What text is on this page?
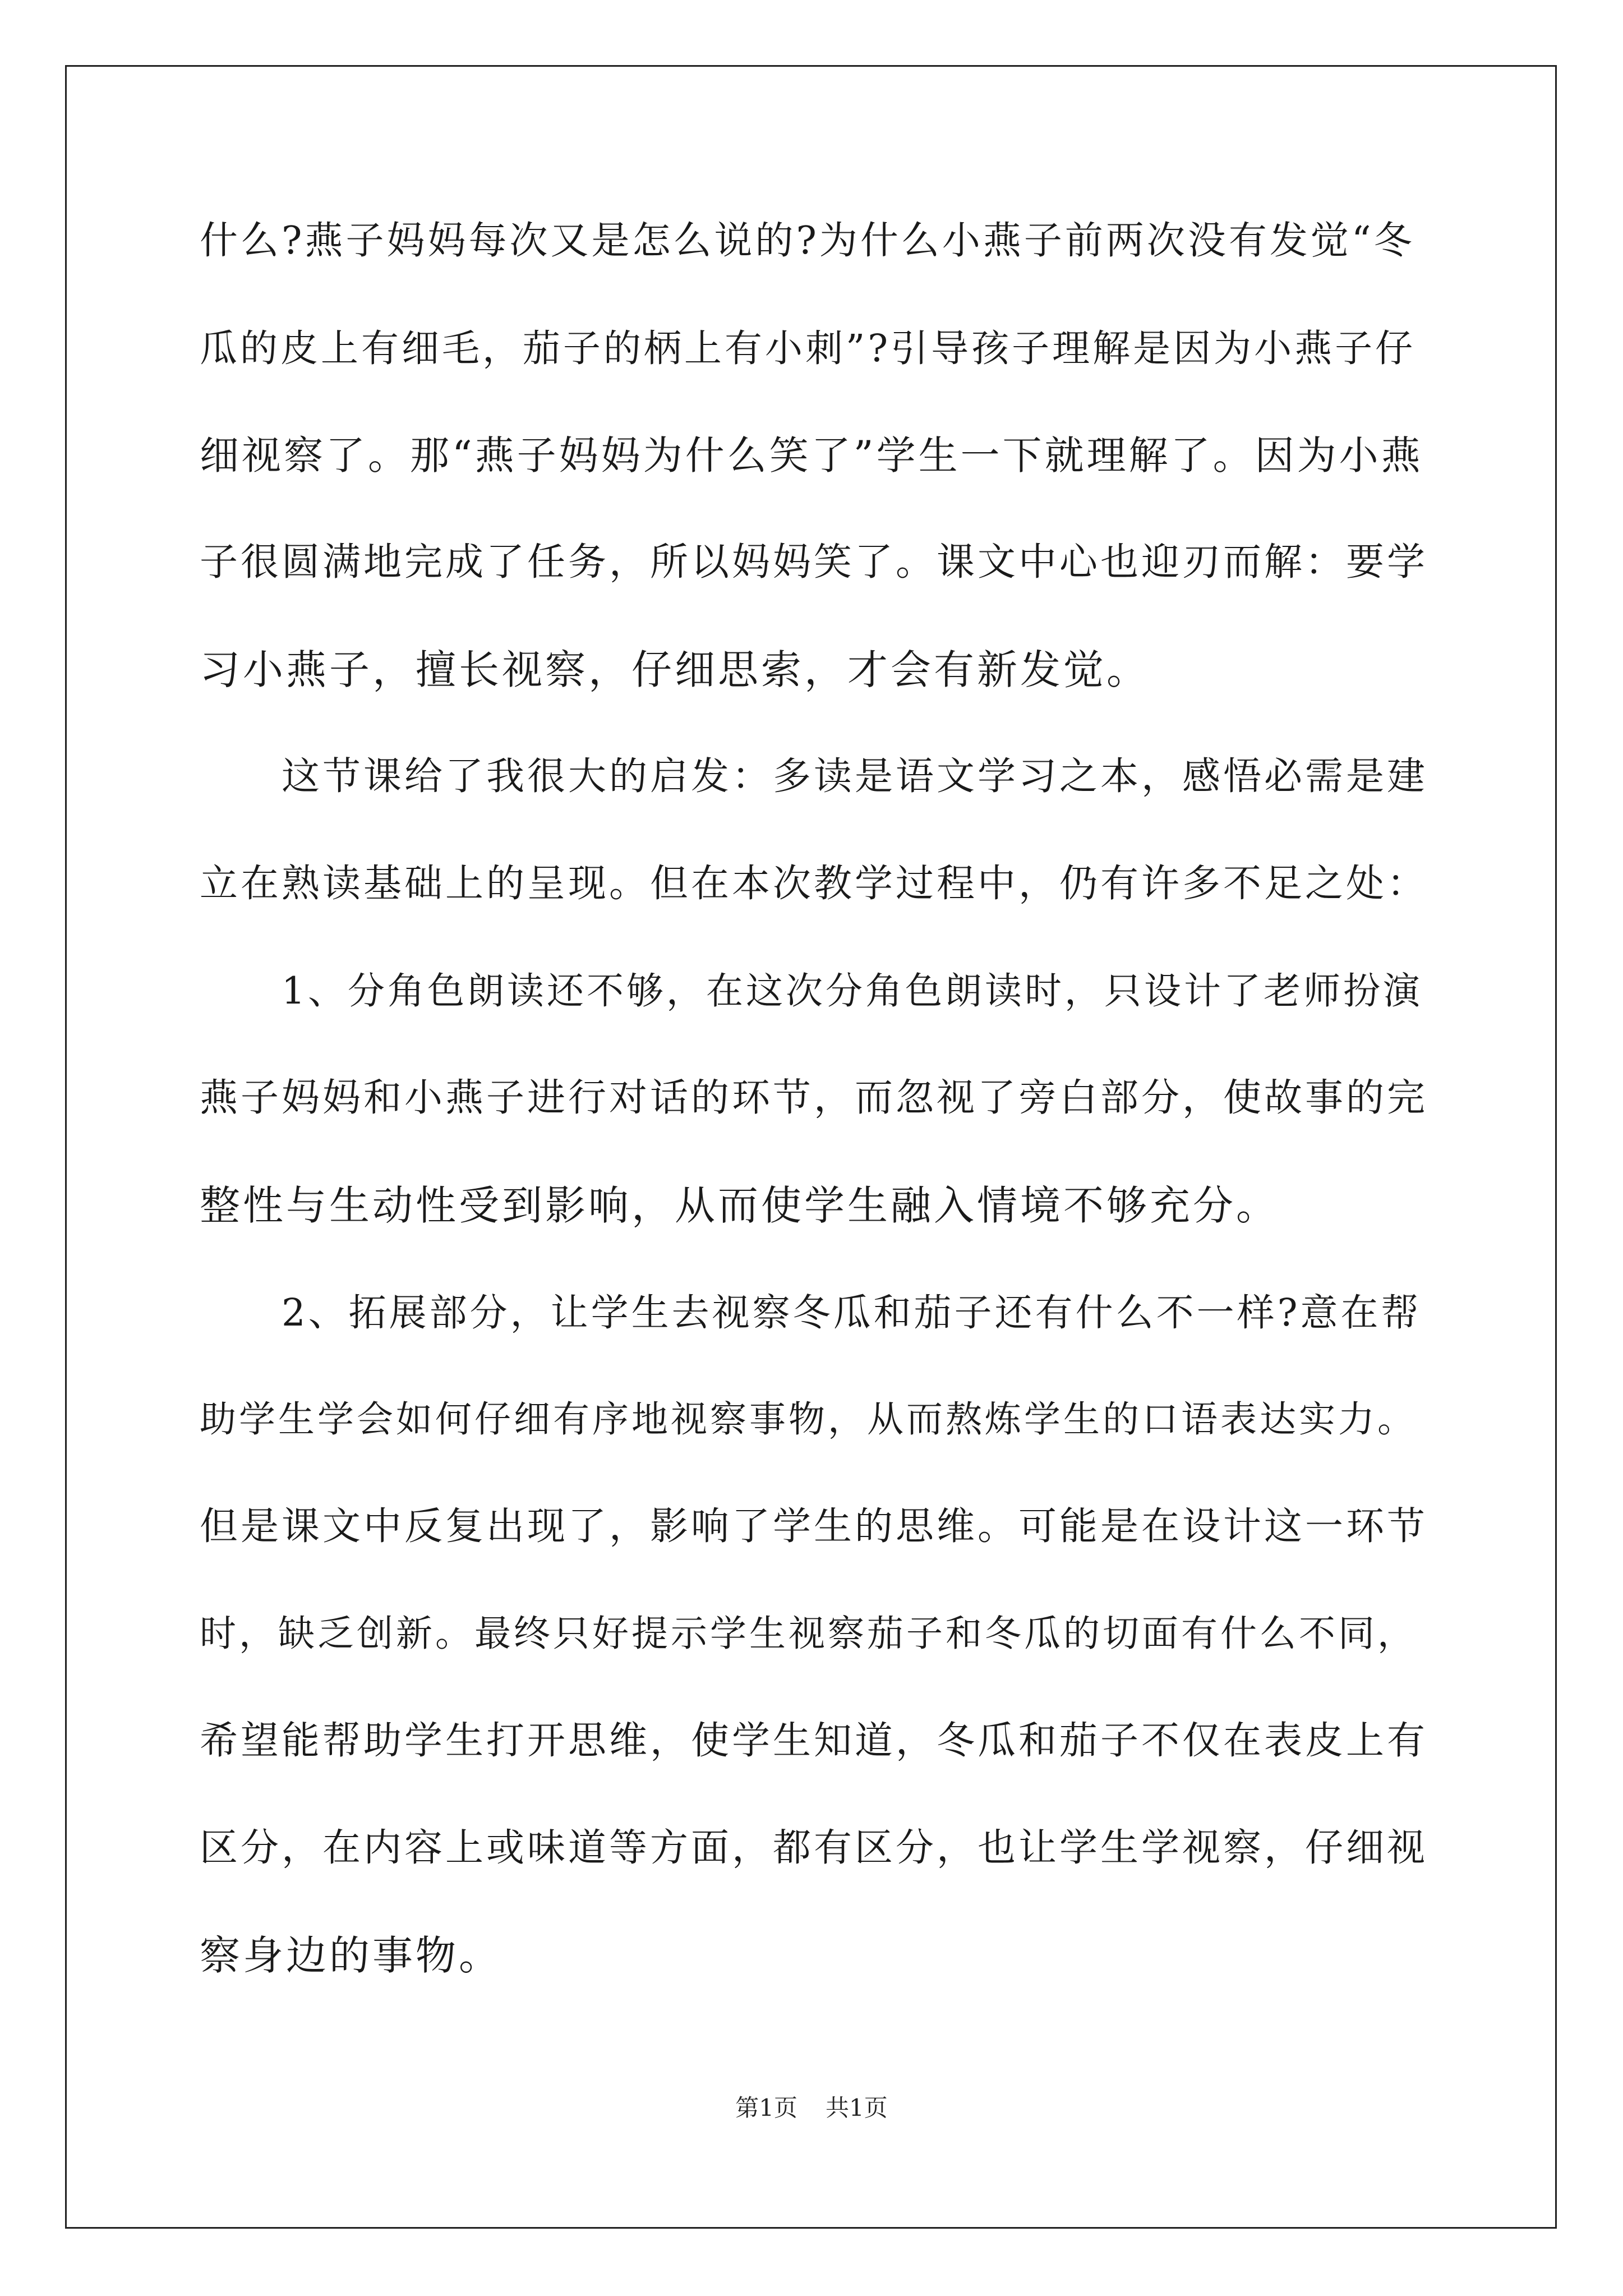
什么?燕子妈妈每次又是怎么说的?为什么小燕子前两次没有发觉“冬
瓜的皮上有细毛，茄子的柄上有小刺”?引导孩子理解是因为小燕子仔
细视察了。那“燕子妈妈为什么笑了”学生一下就理解了。因为小燕
子很圆满地完成了任务，所以妈妈笑了。课文中心也迎刃而解：要学
习小燕子，擅长视察，仔细思索，才会有新发觉。
这节课给了我很大的启发：多读是语文学习之本，感悟必需是建
立在熟读基础上的呈现。但在本次教学过程中，仍有许多不足之处：
1、分角色朗读还不够，在这次分角色朗读时，只设计了老师扮演
燕子妈妈和小燕子进行对话的环节，而忽视了旁白部分，使故事的完
整性与生动性受到影响，从而使学生融入情境不够充分。
2、拓展部分，让学生去视察冬瓜和茄子还有什么不一样?意在帮
助学生学会如何仔细有序地视察事物，从而熬炼学生的口语表达实力。
但是课文中反复出现了，影响了学生的思维。可能是在设计这一环节
时，缺乏创新。最终只好提示学生视察茄子和冬瓜的切面有什么不同，
希望能帮助学生打开思维，使学生知道，冬瓜和茄子不仅在表皮上有
区分，在内容上或味道等方面，都有区分，也让学生学视察，仔细视
察身边的事物。
第1页 共1页
